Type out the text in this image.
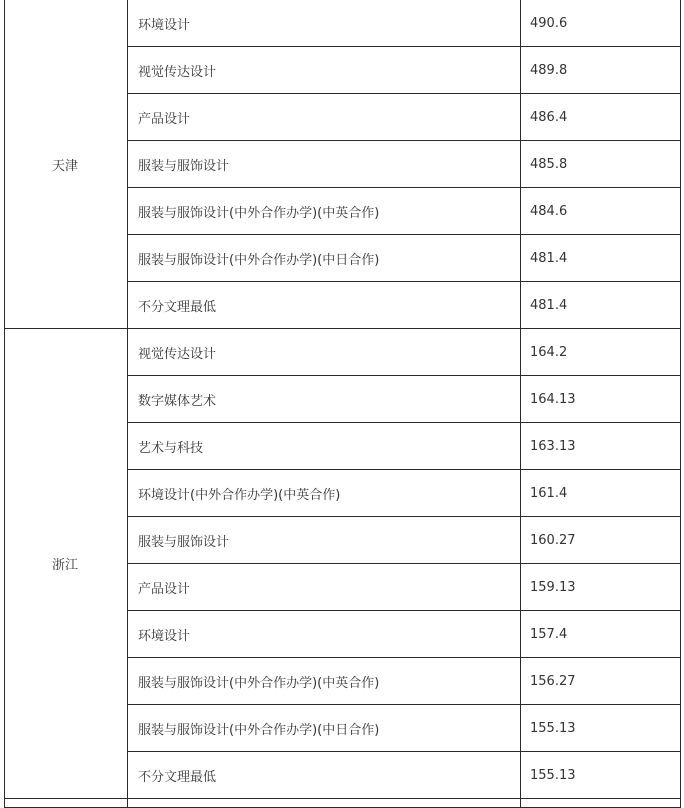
天津	环境设计	490.6
	视觉传达设计	489.8
	产品设计	486.4
	服装与服饰设计	485.8
	服装与服饰设计(中外合作办学)(中英合作)	484.6
	服装与服饰设计(中外合作办学)(中日合作)	481.4
	不分文理最低	481.4
浙江	视觉传达设计	164.2
	数字媒体艺术	164.13
	艺术与科技	163.13
	环境设计(中外合作办学)(中英合作)	161.4
	服装与服饰设计	160.27
	产品设计	159.13
	环境设计	157.4
	服装与服饰设计(中外合作办学)(中英合作)	156.27
	服装与服饰设计(中外合作办学)(中日合作)	155.13
	不分文理最低	155.13
